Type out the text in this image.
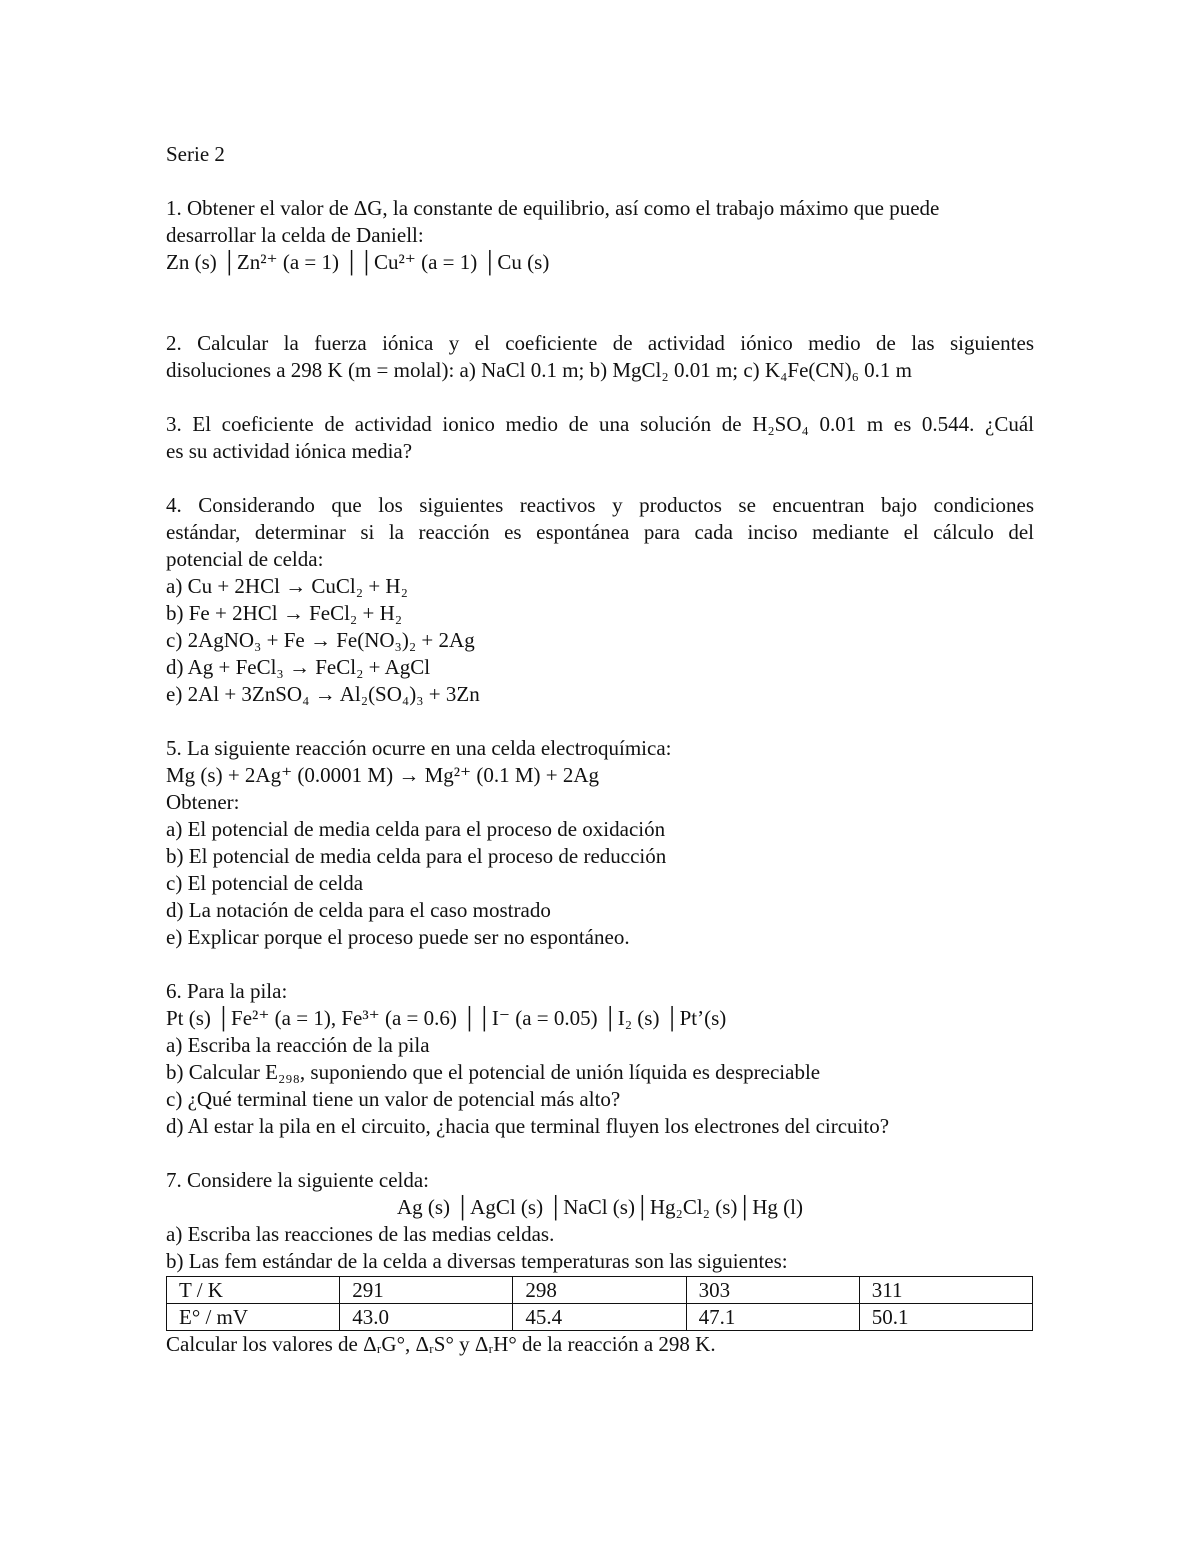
Serie 2
1. Obtener el valor de ΔG, la constante de equilibrio, así como el trabajo máximo que puede
desarrollar la celda de Daniell:
Zn (s) │Zn²⁺ (a = 1) ││Cu²⁺ (a = 1) │Cu (s)
2. Calcular la fuerza iónica y el coeficiente de actividad iónico medio de las siguientes
disoluciones a 298 K (m = molal): a) NaCl 0.1 m; b) MgCl₂ 0.01 m; c) K₄Fe(CN)₆ 0.1 m
3. El coeficiente de actividad ionico medio de una solución de H₂SO₄ 0.01 m es 0.544. ¿Cuál
es su actividad iónica media?
4. Considerando que los siguientes reactivos y productos se encuentran bajo condiciones
estándar, determinar si la reacción es espontánea para cada inciso mediante el cálculo del
potencial de celda:
a) Cu + 2HCl → CuCl₂ + H₂
b) Fe + 2HCl → FeCl₂ + H₂
c) 2AgNO₃ + Fe → Fe(NO₃)₂ + 2Ag
d) Ag + FeCl₃ → FeCl₂ + AgCl
e) 2Al + 3ZnSO₄ → Al₂(SO₄)₃ + 3Zn
5. La siguiente reacción ocurre en una celda electroquímica:
Mg (s) + 2Ag⁺ (0.0001 M) → Mg²⁺ (0.1 M) + 2Ag
Obtener:
a) El potencial de media celda para el proceso de oxidación
b) El potencial de media celda para el proceso de reducción
c) El potencial de celda
d) La notación de celda para el caso mostrado
e) Explicar porque el proceso puede ser no espontáneo.
6. Para la pila:
Pt (s) │Fe²⁺ (a = 1), Fe³⁺ (a = 0.6) ││I⁻ (a = 0.05) │I₂ (s) │Pt’(s)
a) Escriba la reacción de la pila
b) Calcular E₂₉₈, suponiendo que el potencial de unión líquida es despreciable
c) ¿Qué terminal tiene un valor de potencial más alto?
d) Al estar la pila en el circuito, ¿hacia que terminal fluyen los electrones del circuito?
7. Considere la siguiente celda:
Ag (s) │AgCl (s) │NaCl (s)│Hg₂Cl₂ (s)│Hg (l)
a) Escriba las reacciones de las medias celdas.
b) Las fem estándar de la celda a diversas temperaturas son las siguientes:
T / K	291	298	303	311
E° / mV	43.0	45.4	47.1	50.1
Calcular los valores de ΔᵣG°, ΔᵣS° y ΔᵣH° de la reacción a 298 K.
